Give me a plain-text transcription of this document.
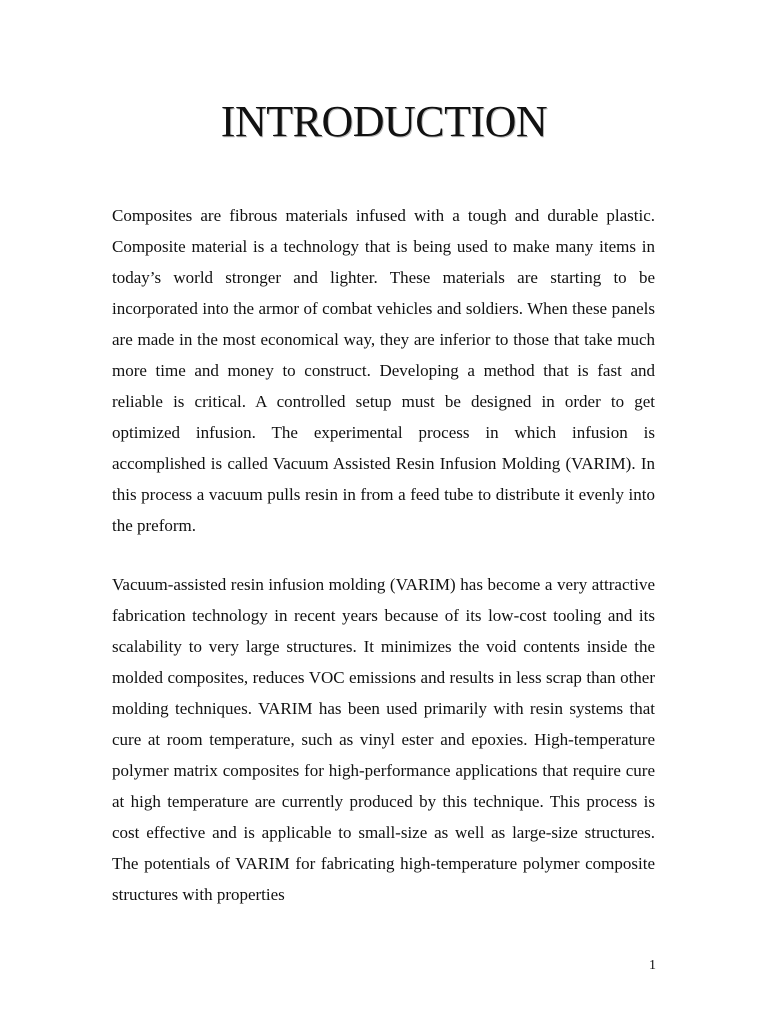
INTRODUCTION

Composites are fibrous materials infused with a tough and durable plastic. Composite material is a technology that is being used to make many items in today’s world stronger and lighter. These materials are starting to be incorporated into the armor of combat vehicles and soldiers. When these panels are made in the most economical way, they are inferior to those that take much more time and money to construct. Developing a method that is fast and reliable is critical. A controlled setup must be designed in order to get optimized infusion. The experimental process in which infusion is accomplished is called Vacuum Assisted Resin Infusion Molding (VARIM). In this process a vacuum pulls resin in from a feed tube to distribute it evenly into the preform.

Vacuum-assisted resin infusion molding (VARIM) has become a very attractive fabrication technology in recent years because of its low-cost tooling and its scalability to very large structures. It minimizes the void contents inside the molded composites, reduces VOC emissions and results in less scrap than other molding techniques. VARIM has been used primarily with resin systems that cure at room temperature, such as vinyl ester and epoxies. High-temperature polymer matrix composites for high-performance applications that require cure at high temperature are currently produced by this technique. This process is cost effective and is applicable to small-size as well as large-size structures. The potentials of VARIM for fabricating high-temperature polymer composite structures with properties

1
